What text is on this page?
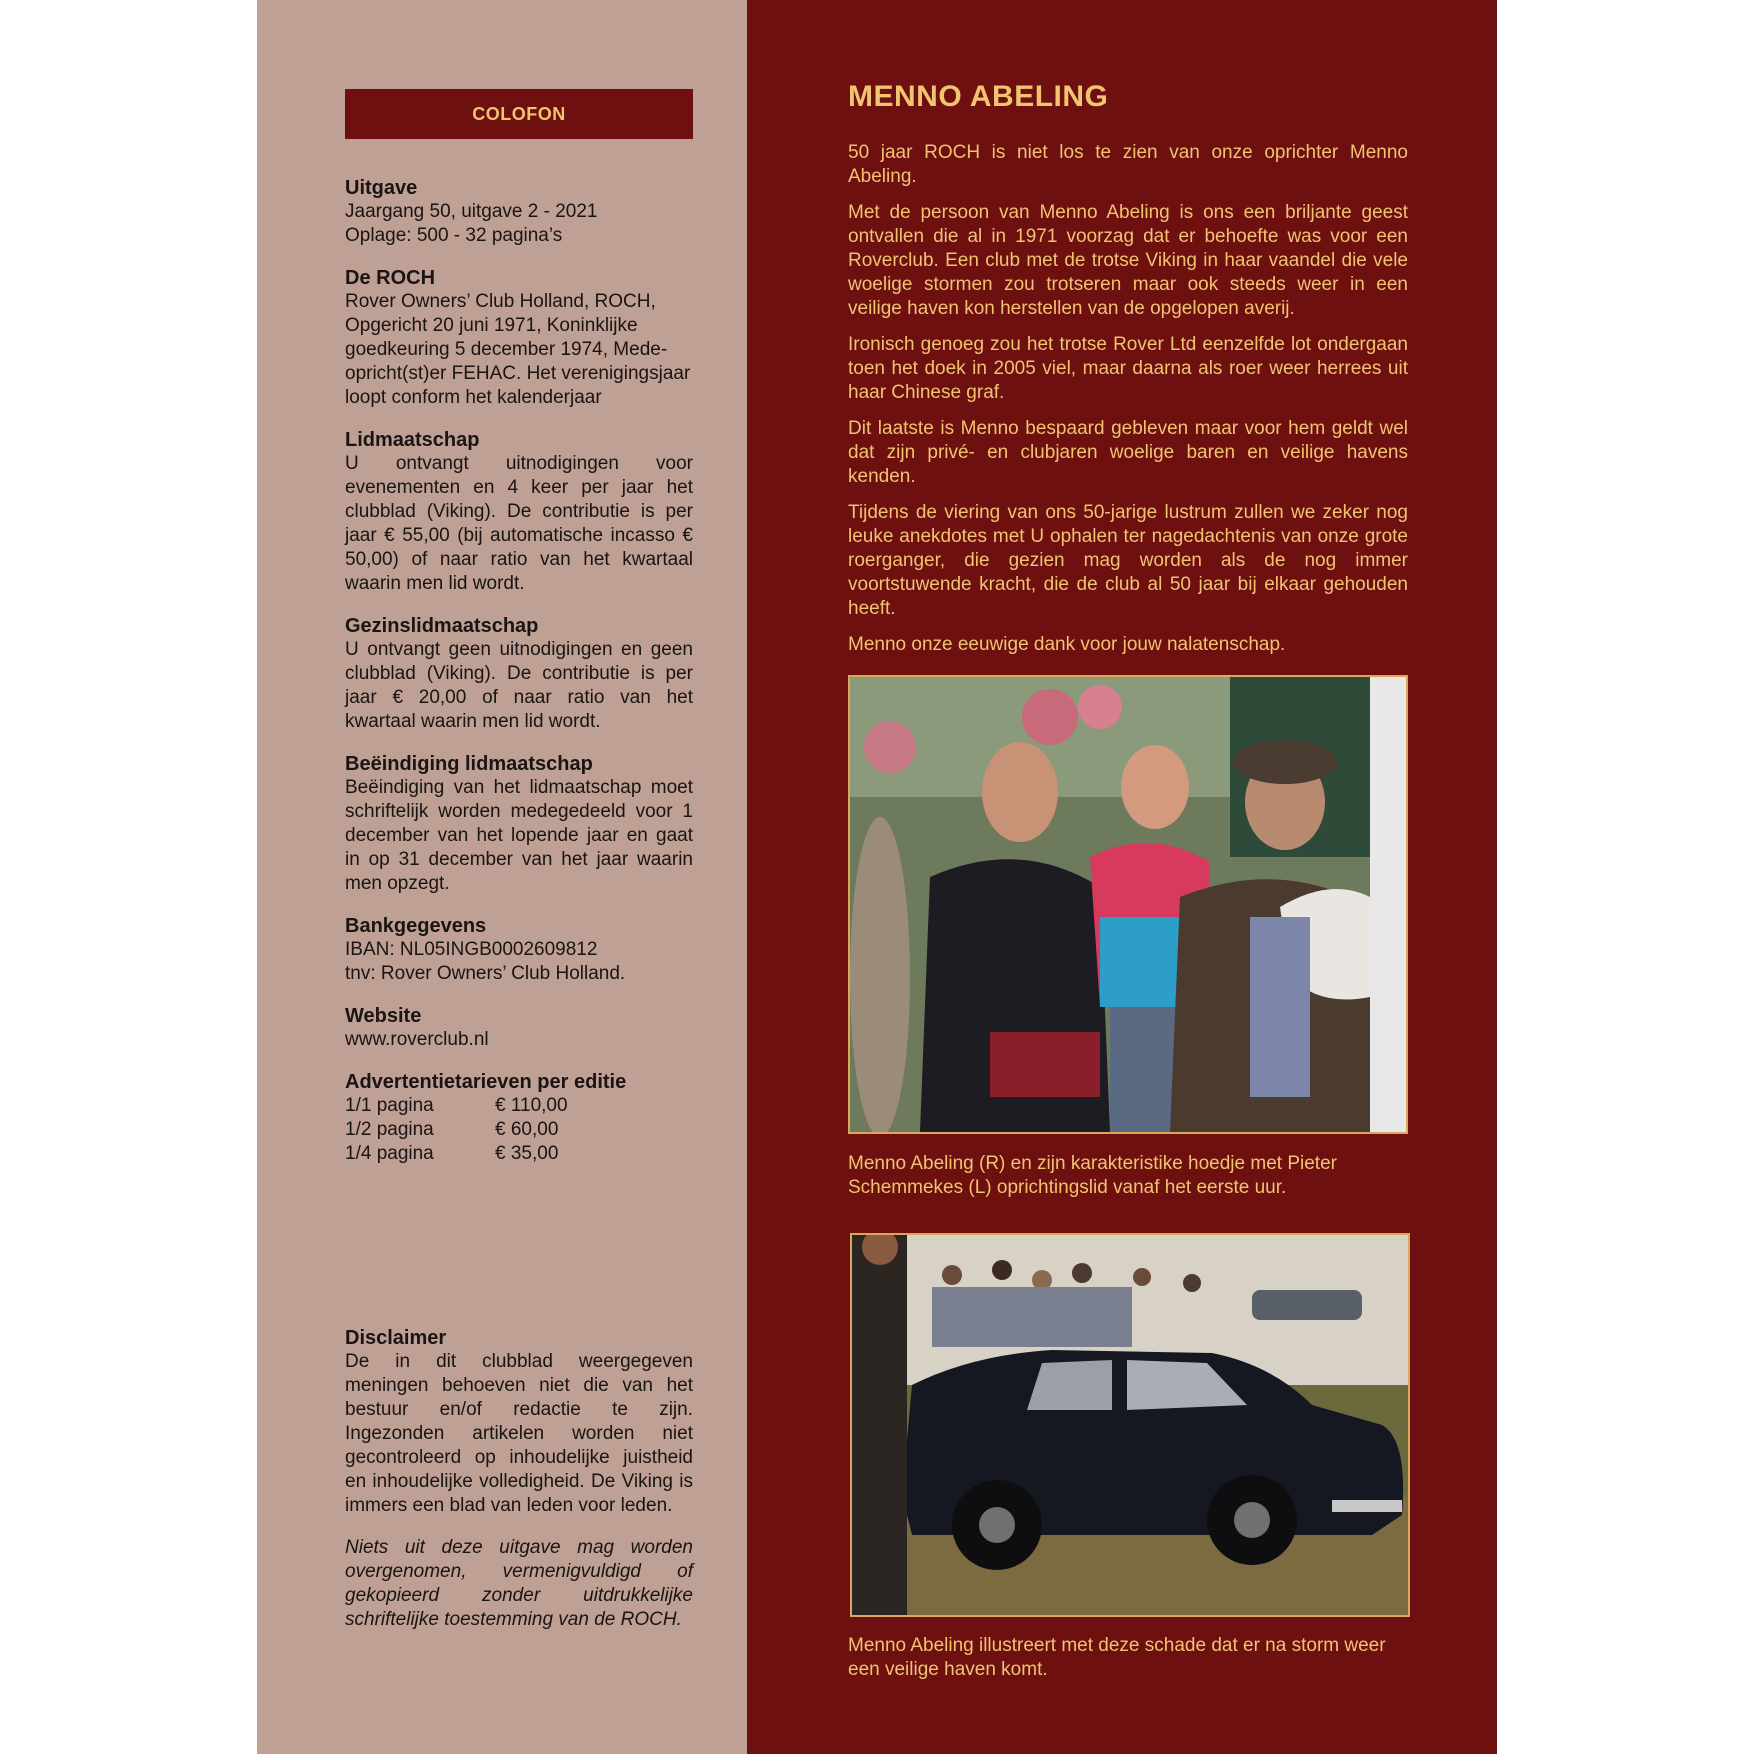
COLOFON
Uitgave

Jaargang 50, uitgave 2 - 2021

Oplage: 500 - 32 pagina’s

De ROCH

Rover Owners’ Club Holland, ROCH, Opgericht 20 juni 1971, Koninklijke goedkeuring 5 december 1974, Mede-opricht(st)er FEHAC. Het verenigingsjaar loopt conform het kalenderjaar

Lidmaatschap

U ontvangt uitnodigingen voor evenementen en 4 keer per jaar het clubblad (Viking). De contributie is per jaar € 55,00 (bij automatische incasso € 50,00) of naar ratio van het kwartaal waarin men lid wordt.

Gezinslidmaatschap

U ontvangt geen uitnodigingen en geen clubblad (Viking). De contributie is per jaar € 20,00 of naar ratio van het kwartaal waarin men lid wordt.

Beëindiging lidmaatschap

Beëindiging van het lidmaatschap moet schriftelijk worden medegedeeld voor 1 december van het lopende jaar en gaat in op 31 december van het jaar waarin men opzegt.

Bankgegevens

IBAN: NL05INGB0002609812

tnv: Rover Owners’ Club Holland.

Website

www.roverclub.nl

Advertentietarieven per editie
1/1 pagina	€ 110,00
1/2 pagina	€ 60,00
1/4 pagina	€ 35,00
Disclaimer

De in dit clubblad weergegeven meningen behoeven niet die van het bestuur en/of redactie te zijn. Ingezonden artikelen worden niet gecontroleerd op inhoudelijke juistheid en inhoudelijke volledigheid. De Viking is immers een blad van leden voor leden.

Niets uit deze uitgave mag worden overgenomen, vermenigvuldigd of gekopieerd zonder uitdrukkelijke schriftelijke toestemming van de ROCH.

MENNO ABELING

50 jaar ROCH is niet los te zien van onze oprichter Menno Abeling.

Met de persoon van Menno Abeling is ons een briljante geest ontvallen die al in 1971 voorzag dat er behoefte was voor een Roverclub. Een club met de trotse Viking in haar vaandel die vele woelige stormen zou trotseren maar ook steeds weer in een veilige haven kon herstellen van de opgelopen averij.

Ironisch genoeg zou het trotse Rover Ltd eenzelfde lot ondergaan toen het doek in 2005 viel, maar daarna als roer weer herrees uit haar Chinese graf.

Dit laatste is Menno bespaard gebleven maar voor hem geldt wel dat zijn privé- en clubjaren woelige baren en veilige havens kenden.

Tijdens de viering van ons 50-jarige lustrum zullen we zeker nog leuke anekdotes met U ophalen ter nagedachtenis van onze grote roerganger, die gezien mag worden als de nog immer voortstuwende kracht, die de club al 50 jaar bij elkaar gehouden heeft.

Menno onze eeuwige dank voor jouw nalatenschap.

Menno Abeling (R) en zijn karakteristike hoedje met Pieter Schemmekes (L) oprichtingslid vanaf het eerste uur.

Menno Abeling illustreert met deze schade dat er na storm weer een veilige haven komt.
